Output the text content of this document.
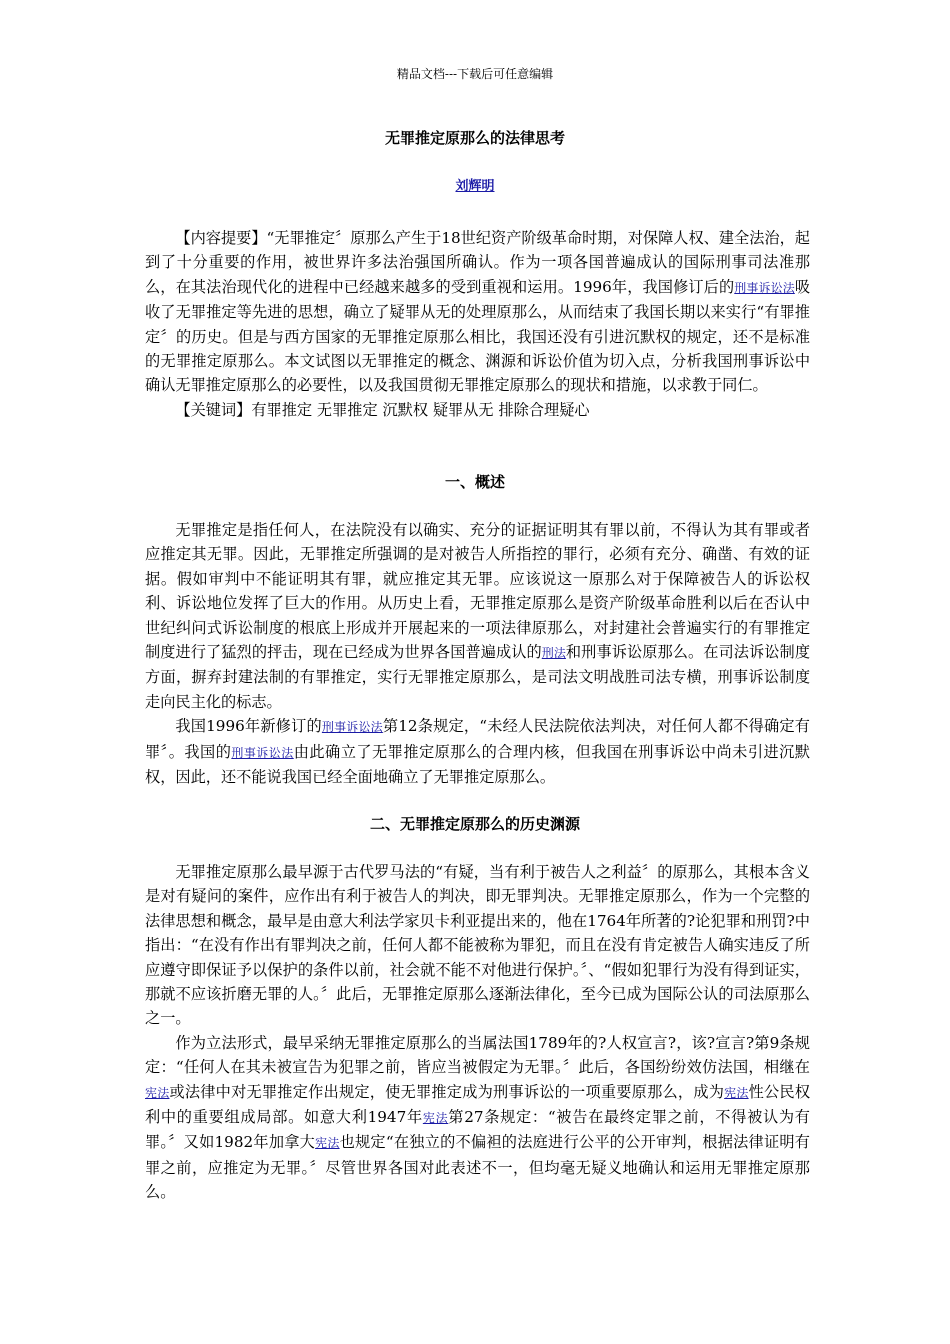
精品文档---下载后可任意编辑
无罪推定原那么的法律思考
刘辉明

【内容提要】“无罪推定〞原那么产生于18世纪资产阶级革命时期，对保障人权、建全法治，起到了十分重要的作用，被世界许多法治强国所确认。作为一项各国普遍成认的国际刑事司法准那么，在其法治现代化的进程中已经越来越多的受到重视和运用。1996年，我国修订后的刑事诉讼法吸收了无罪推定等先进的思想，确立了疑罪从无的处理原那么，从而结束了我国长期以来实行“有罪推定〞的历史。但是与西方国家的无罪推定原那么相比，我国还没有引进沉默权的规定，还不是标准的无罪推定原那么。本文试图以无罪推定的概念、渊源和诉讼价值为切入点，分析我国刑事诉讼中确认无罪推定原那么的必要性，以及我国贯彻无罪推定原那么的现状和措施，以求教于同仁。

【关键词】有罪推定 无罪推定 沉默权 疑罪从无 排除合理疑心

一、概述

无罪推定是指任何人，在法院没有以确实、充分的证据证明其有罪以前，不得认为其有罪或者应推定其无罪。因此，无罪推定所强调的是对被告人所指控的罪行，必须有充分、确凿、有效的证据。假如审判中不能证明其有罪，就应推定其无罪。应该说这一原那么对于保障被告人的诉讼权利、诉讼地位发挥了巨大的作用。从历史上看，无罪推定原那么是资产阶级革命胜利以后在否认中世纪纠问式诉讼制度的根底上形成并开展起来的一项法律原那么，对封建社会普遍实行的有罪推定制度进行了猛烈的抨击，现在已经成为世界各国普遍成认的刑法和刑事诉讼原那么。在司法诉讼制度方面，摒弃封建法制的有罪推定，实行无罪推定原那么，是司法文明战胜司法专横，刑事诉讼制度走向民主化的标志。

我国1996年新修订的刑事诉讼法第12条规定，“未经人民法院依法判决，对任何人都不得确定有罪〞。我国的刑事诉讼法由此确立了无罪推定原那么的合理内核，但我国在刑事诉讼中尚未引进沉默权，因此，还不能说我国已经全面地确立了无罪推定原那么。

二、无罪推定原那么的历史渊源

无罪推定原那么最早源于古代罗马法的“有疑，当有利于被告人之利益〞的原那么，其根本含义是对有疑问的案件，应作出有利于被告人的判决，即无罪判决。无罪推定原那么，作为一个完整的法律思想和概念，最早是由意大利法学家贝卡利亚提出来的，他在1764年所著的?论犯罪和刑罚?中指出：“在没有作出有罪判决之前，任何人都不能被称为罪犯，而且在没有肯定被告人确实违反了所应遵守即保证予以保护的条件以前，社会就不能不对他进行保护。〞、“假如犯罪行为没有得到证实，那就不应该折磨无罪的人。〞此后，无罪推定原那么逐渐法律化，至今已成为国际公认的司法原那么之一。

作为立法形式，最早采纳无罪推定原那么的当属法国1789年的?人权宣言?，该?宣言?第9条规定：“任何人在其未被宣告为犯罪之前，皆应当被假定为无罪。〞此后，各国纷纷效仿法国，相继在宪法或法律中对无罪推定作出规定，使无罪推定成为刑事诉讼的一项重要原那么，成为宪法性公民权利中的重要组成局部。如意大利1947年宪法第27条规定：“被告在最终定罪之前，不得被认为有罪。〞又如1982年加拿大宪法也规定“在独立的不偏袒的法庭进行公平的公开审判，根据法律证明有罪之前，应推定为无罪。〞尽管世界各国对此表述不一，但均毫无疑义地确认和运用无罪推定原那么。
